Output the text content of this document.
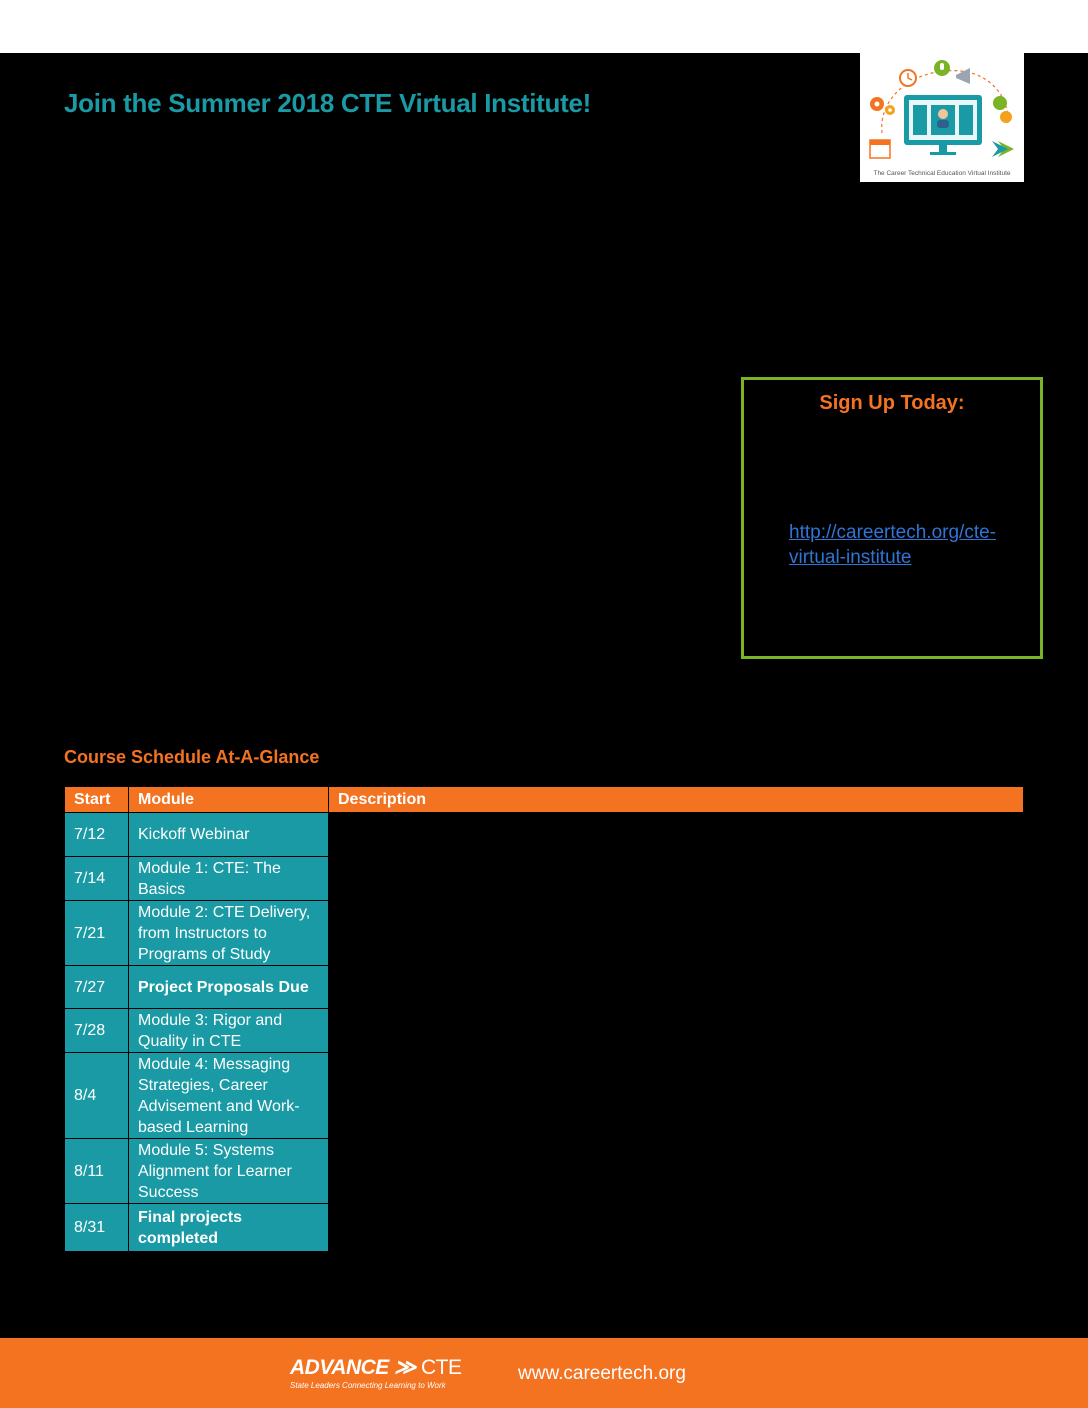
Join the Summer 2018 CTE Virtual Institute!
The Career Technical Education Virtual Institute
Sign Up Today:
http://careertech.org/cte-virtual-institute
Course Schedule At-A-Glance
Start	Module	Description
7/12	Kickoff Webinar	
7/14	Module 1: CTE: The Basics	
7/21	Module 2: CTE Delivery, from Instructors to Programs of Study	
7/27	Project Proposals Due	
7/28	Module 3: Rigor and Quality in CTE	
8/4	Module 4: Messaging Strategies, Career Advisement and Work-based Learning	
8/11	Module 5: Systems Alignment for Learner Success	
8/31	Final projects completed	
ADVANCE ≫ CTE
State Leaders Connecting Learning to Work
www.careertech.org
